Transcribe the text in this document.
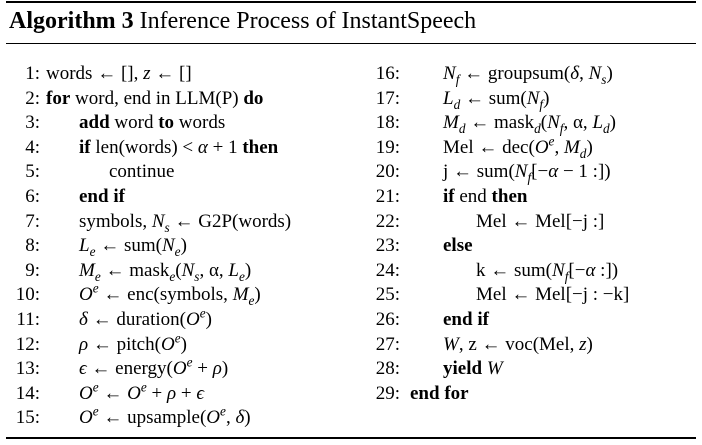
Algorithm 3 Inference Process of InstantSpeech
1: words ← [], z ← []
2: for word, end in LLM(P) do
3:	add word to words
4:	if len(words) < α + 1 then
5:	continue
6:	end if
7:	symbols, $N_s$ ← G2P(words)
8:	$L_e$ ← $sum(N_e)$
9:	$M_e$ ← $mask_e(N_s$, α, $L_e$)
10:	$O^e$ ← enc(symbols, $M_e$)
11:	δ ← $duration(O^e)$
12:	ρ ← $pitch(O^e)$
13:	ϵ ← $energy(O^e + \rho)$
14:	$O^e$ ← $O^e + \rho + \epsilon$
15:	$O^e$ ← $upsample(O^e$, δ)
16:	$N_f$ ← groupsum(δ, $N_s$)
17:	$L_d$ ← $sum(N_f)$
18:	$M_d$ ← $mask_d(N_f$, α, $L_d$)
19:	Mel ← $dec(O^e$, $M_d$)
20:	j ← $sum(N_f[-\alpha - 1$ :])
21:	if end then
22:	Mel ← Mel[−j :]
23:	else
24:	k ← $sum(N_f[-\alpha$ :])
25:	Mel ← Mel[−j : −k]
26:	end if
27:	W, z ← voc(Mel, z)
28:	yield W
29: end for
